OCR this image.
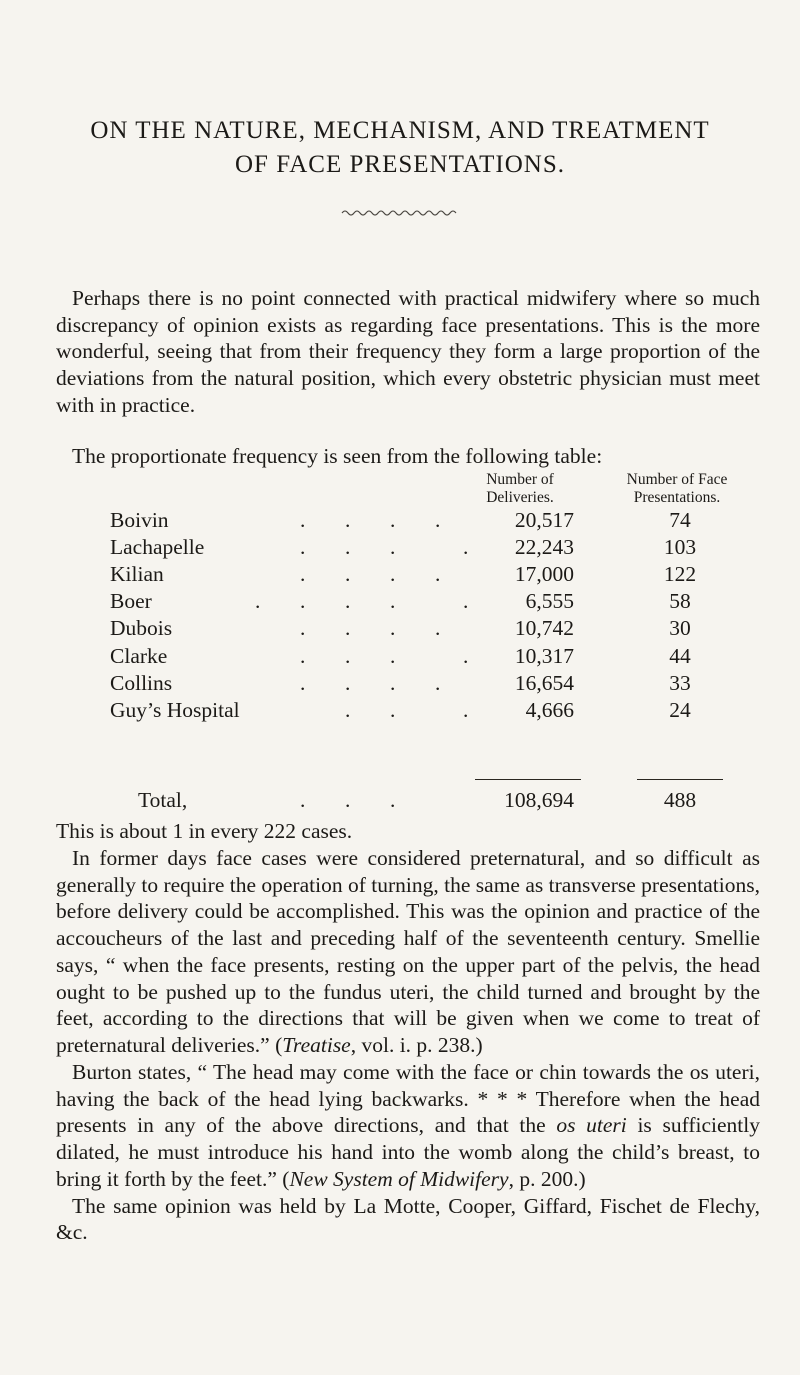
ON THE NATURE, MECHANISM, AND TREATMENT
OF FACE PRESENTATIONS.
Perhaps there is no point connected with practical midwifery where so much discrepancy of opinion exists as regarding face presentations. This is the more wonderful, seeing that from their frequency they form a large proportion of the deviations from the natural position, which every obstetric physician must meet with in practice.
The proportionate frequency is seen from the following table:
Number of
Deliveries.
Number of Face
Presentations.
Boivin	. . . .	20,517	74
Lachapelle	. . .	.	22,243	103
Kilian	. . . .	17,000	122
Boer	. . . .	.	6,555	58
Dubois	. . . .	10,742	30
Clarke	. . .	.	10,317	44
Collins	. . . .	16,654	33
Guy’s Hospital	. .	.	4,666	24
Total,	. . .	108,694	488

This is about 1 in every 222 cases.

In former days face cases were considered preternatural, and so difficult as generally to require the operation of turning, the same as transverse presentations, before delivery could be accomplished. This was the opinion and practice of the accoucheurs of the last and preceding half of the seventeenth century. Smellie says, “ when the face presents, resting on the upper part of the pelvis, the head ought to be pushed up to the fundus uteri, the child turned and brought by the feet, according to the directions that will be given when we come to treat of preternatural deliveries.” (Treatise, vol. i. p. 238.)

Burton states, “ The head may come with the face or chin towards the os uteri, having the back of the head lying backwarks. * * * Therefore when the head presents in any of the above directions, and that the os uteri is sufficiently dilated, he must introduce his hand into the womb along the child’s breast, to bring it forth by the feet.” (New System of Midwifery, p. 200.)

The same opinion was held by La Motte, Cooper, Giffard, Fischet de Flechy, &c.
